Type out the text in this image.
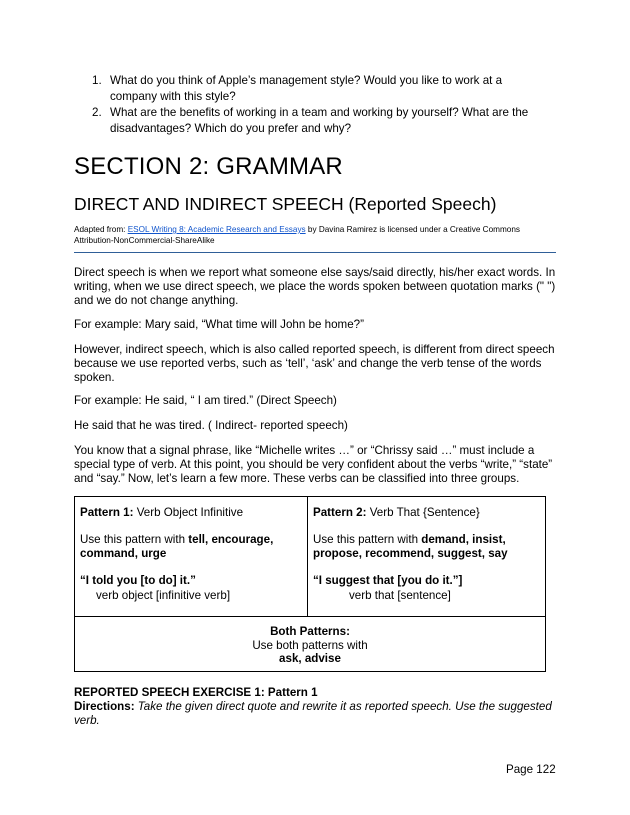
1. What do you think of Apple’s management style? Would you like to work at a company with this style?
2. What are the benefits of working in a team and working by yourself? What are the disadvantages? Which do you prefer and why?
SECTION 2: GRAMMAR
DIRECT AND INDIRECT SPEECH (Reported Speech)
Adapted from: ESOL Writing 8: Academic Research and Essays by Davina Ramirez is licensed under a Creative Commons Attribution-NonCommercial-ShareAlike
Direct speech is when we report what someone else says/said directly, his/her exact words. In writing, when we use direct speech, we place the words spoken between quotation marks (" ") and we do not change anything.
For example: Mary said, “What time will John be home?”
However, indirect speech, which is also called reported speech, is different from direct speech because we use reported verbs, such as ‘tell’, ‘ask’ and change the verb tense of the words spoken.
For example: He said, “ I am tired.” (Direct Speech)
He said that he was tired. ( Indirect- reported speech)
You know that a signal phrase, like “Michelle writes …” or “Chrissy said …” must include a special type of verb. At this point, you should be very confident about the verbs “write,” “state” and “say.” Now, let’s learn a few more. These verbs can be classified into three groups.
Pattern 1: Verb Object Infinitive
Use this pattern with tell, encourage, command, urge
“I told you [to do] it.”
verb object [infinitive verb]
Pattern 2: Verb That {Sentence}
Use this pattern with demand, insist, propose, recommend, suggest, say
“I suggest that [you do it.”]
verb that [sentence]
Both Patterns:
Use both patterns with
ask, advise
REPORTED SPEECH EXERCISE 1: Pattern 1
Directions: Take the given direct quote and rewrite it as reported speech. Use the suggested verb.
Page 122
